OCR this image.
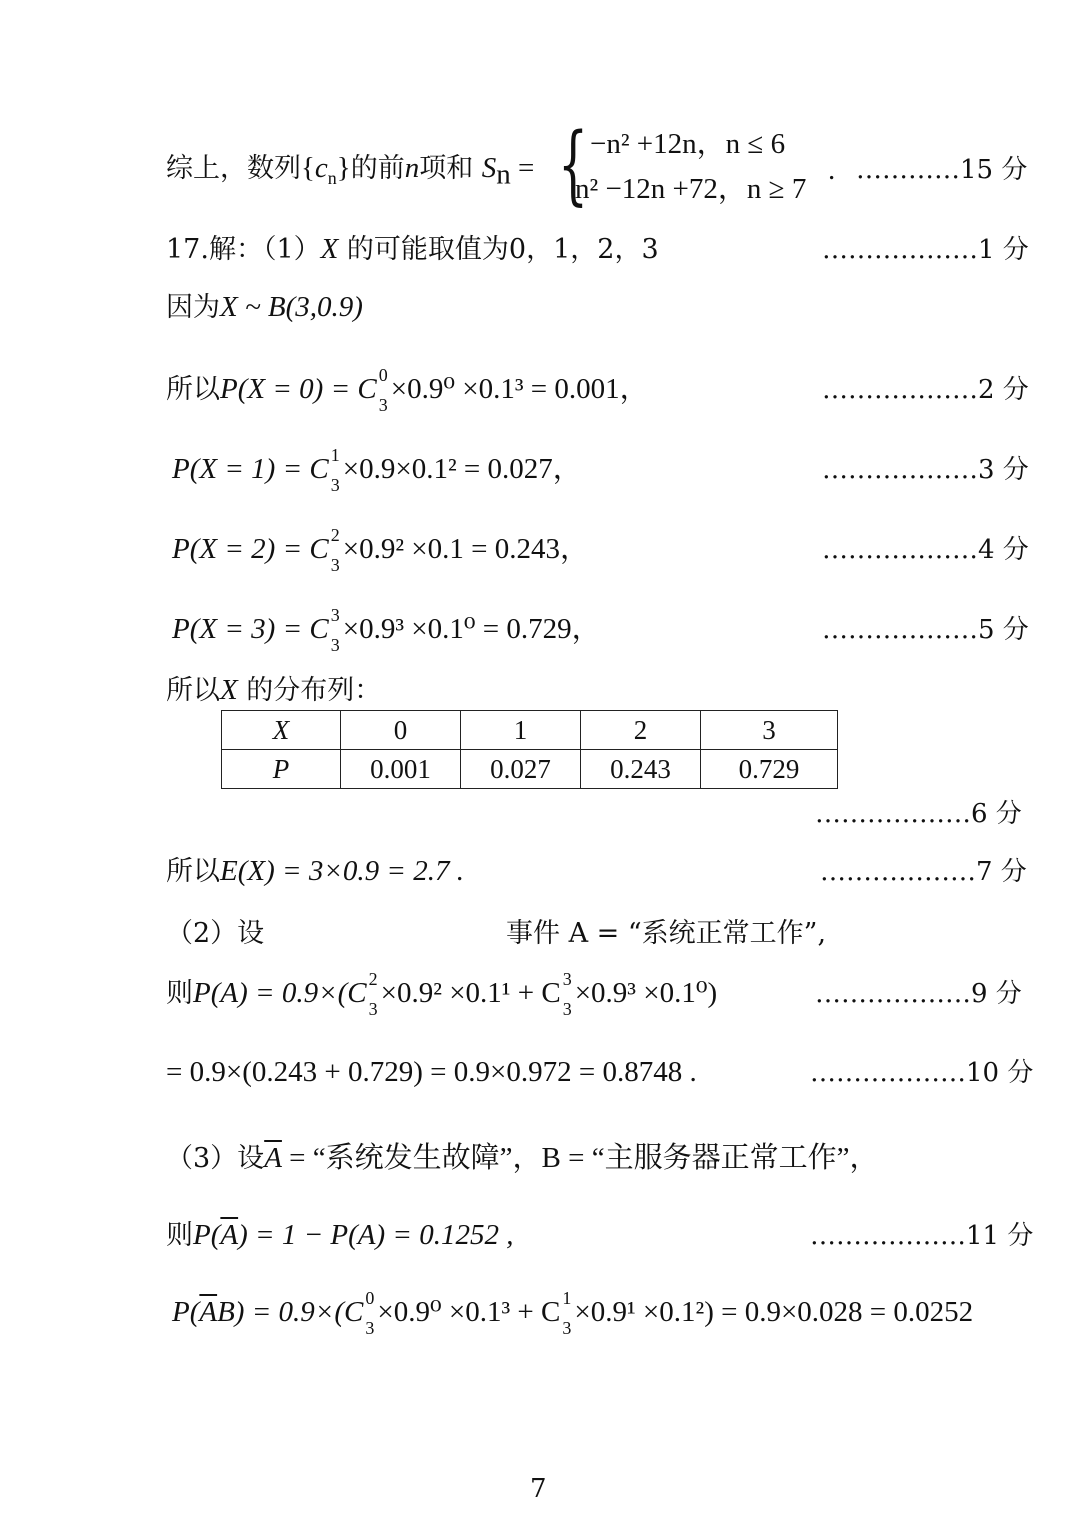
综上，数列$\{c_n\}$的前n项和 $S_n$ = { −n² +12n，n ≤ 6
n² −12n +72，n ≥ 7
. …………15 分
17.解：（1）X 的可能取值为0，1，2，3	………………1 分
因为X ~ B(3,0.9)
所以P(X = 0) = C 0
3 ×0.9⁰ ×0.1³ = 0.001，	………………2 分
P(X = 1) = C 1
3 ×0.9×0.1² = 0.027，	………………3 分
P(X = 2) = C 2
3 ×0.9² ×0.1 = 0.243，	………………4 分
P(X = 3) = C 3
3 ×0.9³ ×0.1⁰ = 0.729，	………………5 分
所以X 的分布列：
X	0	1	2	3
P	0.001	0.027	0.243	0.729
………………6 分
所以E(X) = 3×0.9 = 2.7 .	………………7 分
（2）设	事件 A = “系统正常工作”,
则P(A) = 0.9×(C 2
3 ×0.9² ×0.1¹ + C 3
3 ×0.9³ ×0.1⁰)	………………9 分
= 0.9×(0.243 + 0.729) = 0.9×0.972 = 0.8748 .	………………10 分
（3）设$\overline{A}$ = “系统发生故障”，B = “主服务器正常工作”，
则$P(\overline{A}) = 1 - P(A) = 0.1252$ ,	………………11 分
$P(\overline{A}B) = 0.9\times(C$ 0
3 ×0.9⁰ ×0.1³ + C 1
3 ×0.9¹ ×0.1²) = 0.9×0.028 = 0.0252
7
